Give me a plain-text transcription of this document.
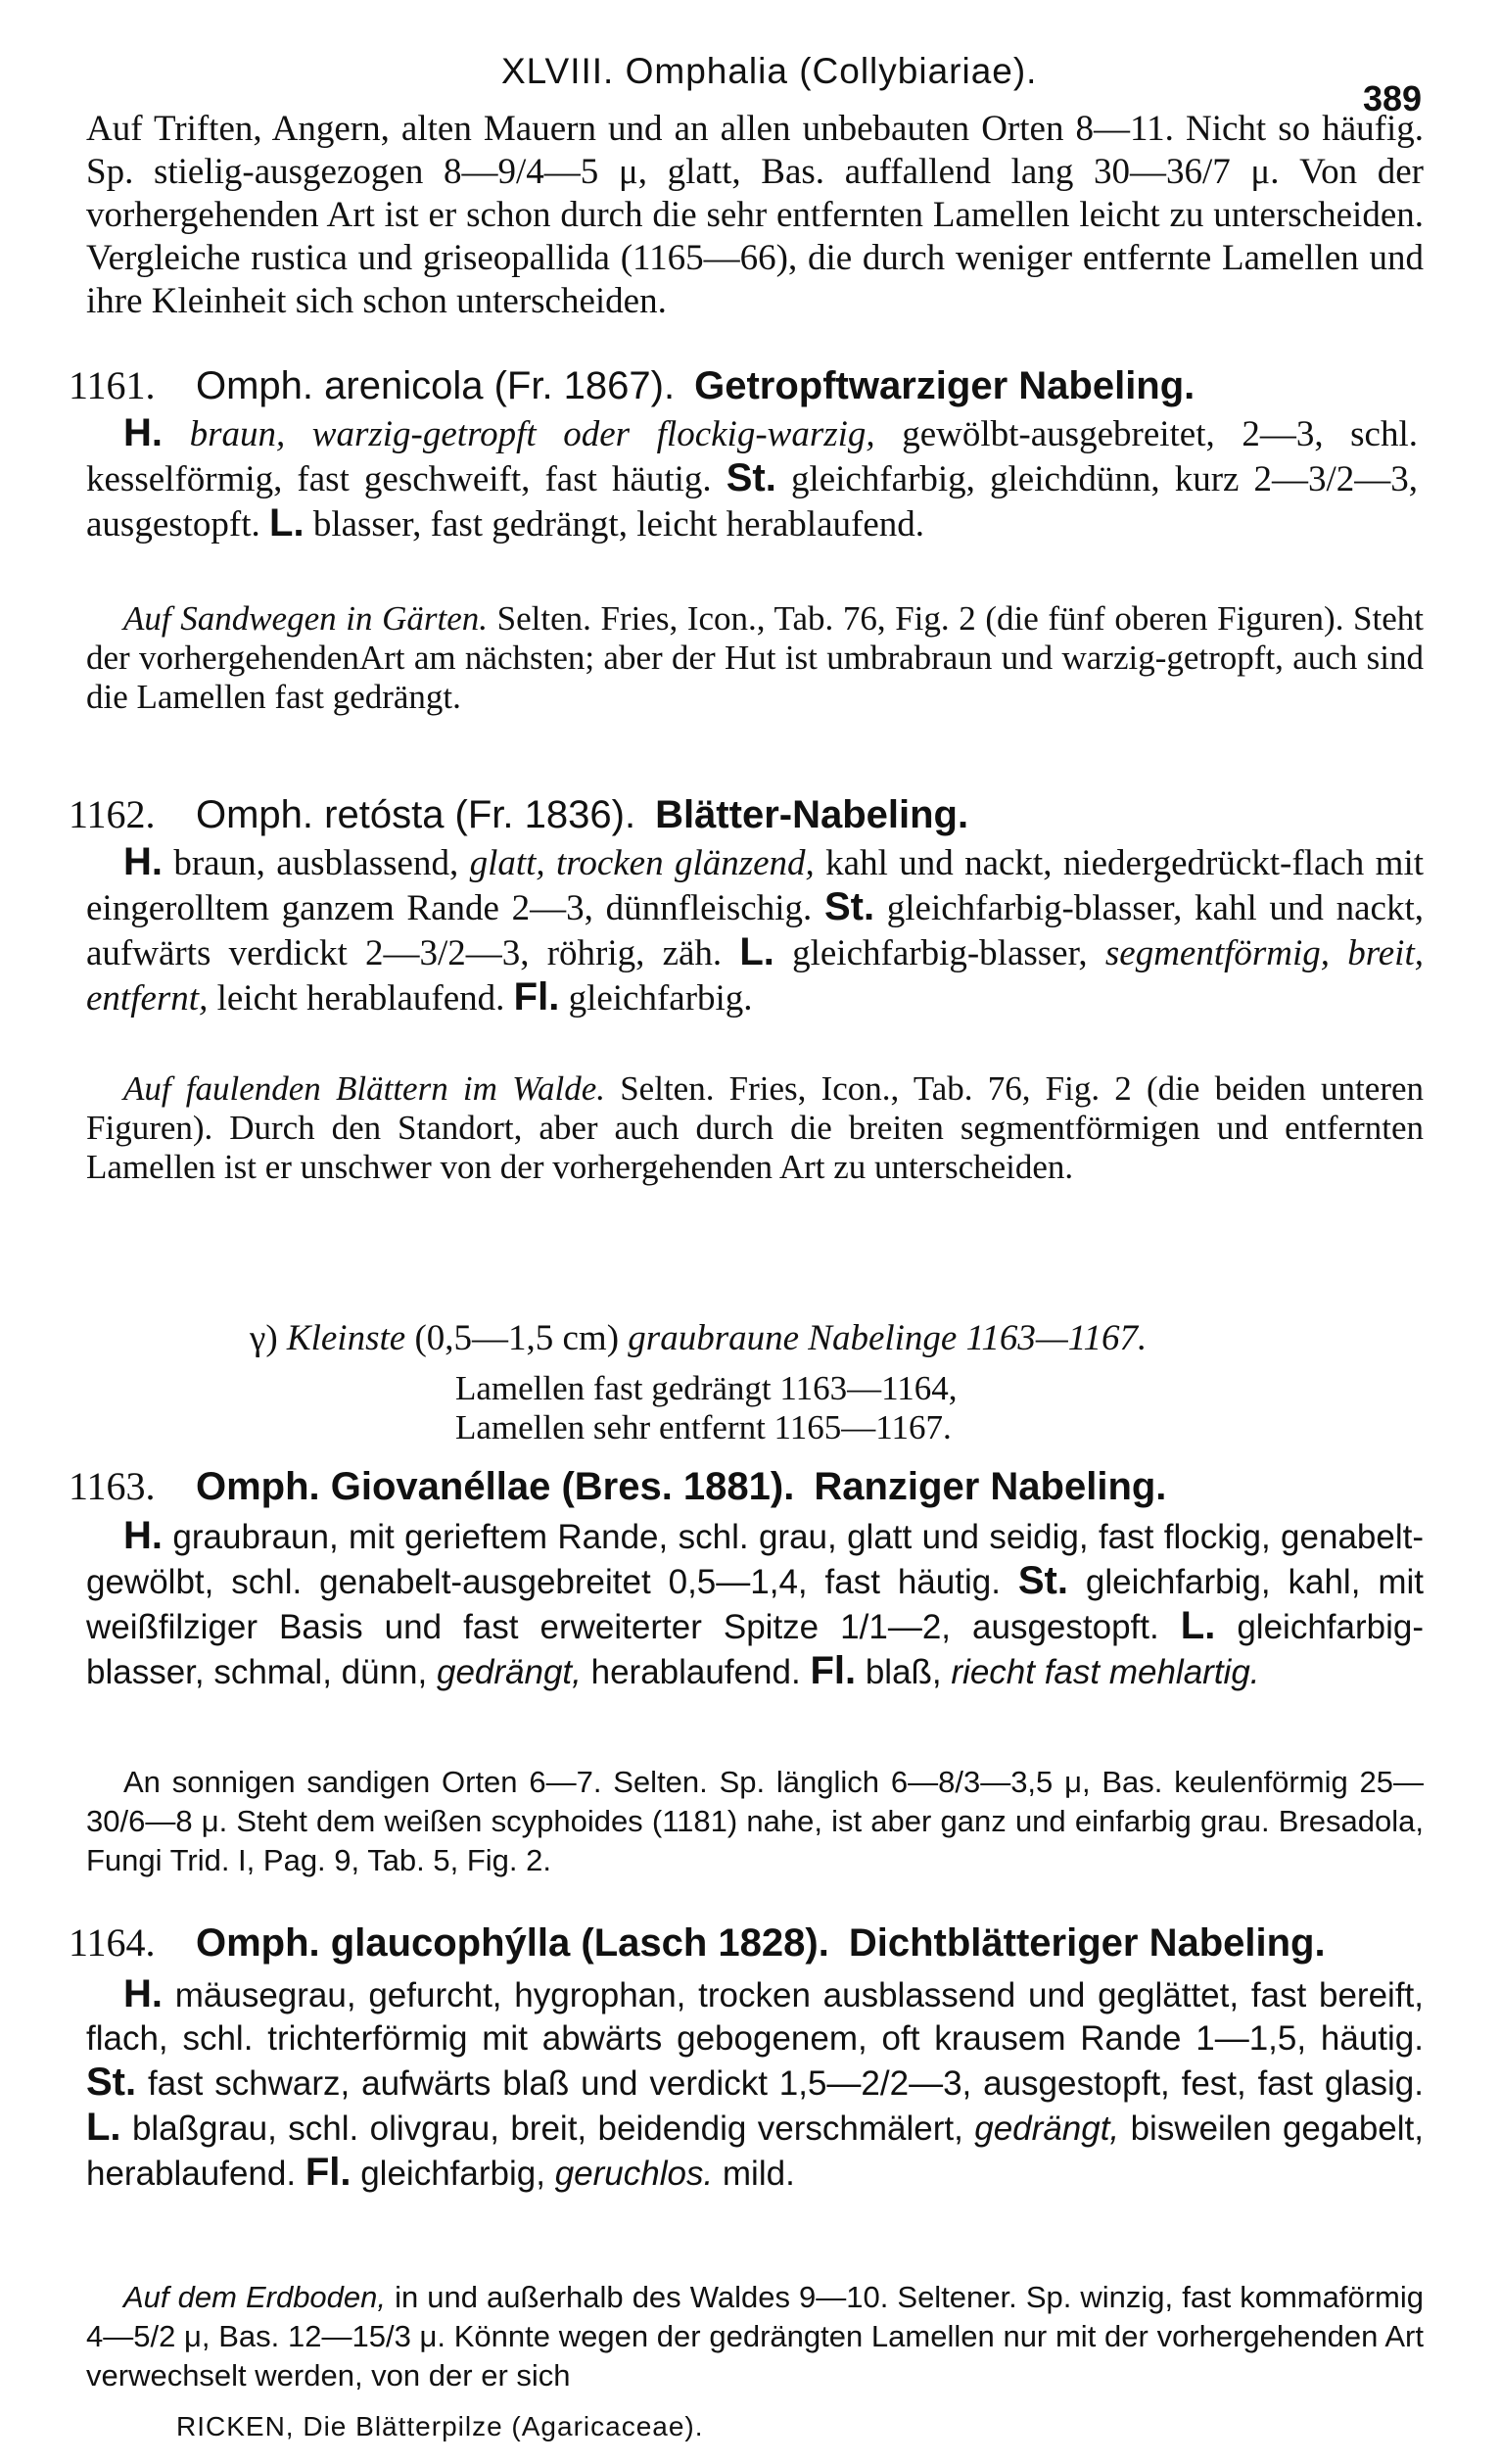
XLVIII. Omphalia (Collybiariae).
389
Auf Triften, Angern, alten Mauern und an allen unbebauten Orten 8—11. Nicht so häufig. Sp. stielig-ausgezogen 8—9/4—5 μ, glatt, Bas. auffallend lang 30—36/7 μ. Von der vorhergehenden Art ist er schon durch die sehr entfernten Lamellen leicht zu unterscheiden. Vergleiche rustica und griseopallida (1165—66), die durch weniger entfernte Lamellen und ihre Kleinheit sich schon unterscheiden.
1161. Omph. arenicola (Fr. 1867). Getropftwarziger Nabeling.
H. braun, warzig-getropft oder flockig-warzig, gewölbt-ausgebreitet, 2—3, schl. kesselförmig, fast geschweift, fast häutig. St. gleichfarbig, gleichdünn, kurz 2—3/2—3, ausgestopft. L. blasser, fast gedrängt, leicht herablaufend.
Auf Sandwegen in Gärten. Selten. Fries, Icon., Tab. 76, Fig. 2 (die fünf oberen Figuren). Steht der vorhergehendenArt am nächsten; aber der Hut ist umbrabraun und warzig-getropft, auch sind die Lamellen fast gedrängt.
1162. Omph. retósta (Fr. 1836). Blätter-Nabeling.
H. braun, ausblassend, glatt, trocken glänzend, kahl und nackt, niedergedrückt-flach mit eingerolltem ganzem Rande 2—3, dünnfleischig. St. gleichfarbig-blasser, kahl und nackt, aufwärts verdickt 2—3/2—3, röhrig, zäh. L. gleichfarbig-blasser, segmentförmig, breit, entfernt, leicht herablaufend. Fl. gleichfarbig.
Auf faulenden Blättern im Walde. Selten. Fries, Icon., Tab. 76, Fig. 2 (die beiden unteren Figuren). Durch den Standort, aber auch durch die breiten segmentförmigen und entfernten Lamellen ist er unschwer von der vorhergehenden Art zu unterscheiden.
γ) Kleinste (0,5—1,5 cm) graubraune Nabelinge 1163—1167.
Lamellen fast gedrängt 1163—1164,
Lamellen sehr entfernt 1165—1167.
1163. Omph. Giovanéllae (Bres. 1881). Ranziger Nabeling.
H. graubraun, mit gerieftem Rande, schl. grau, glatt und seidig, fast flockig, genabelt-gewölbt, schl. genabelt-ausgebreitet 0,5—1,4, fast häutig. St. gleichfarbig, kahl, mit weißfilziger Basis und fast erweiterter Spitze 1/1—2, ausgestopft. L. gleichfarbig-blasser, schmal, dünn, gedrängt, herablaufend. Fl. blaß, riecht fast mehlartig.
An sonnigen sandigen Orten 6—7. Selten. Sp. länglich 6—8/3—3,5 μ, Bas. keulenförmig 25—30/6—8 μ. Steht dem weißen scyphoides (1181) nahe, ist aber ganz und einfarbig grau. Bresadola, Fungi Trid. I, Pag. 9, Tab. 5, Fig. 2.
1164. Omph. glaucophýlla (Lasch 1828). Dichtblätteriger Nabeling.
H. mäusegrau, gefurcht, hygrophan, trocken ausblassend und geglättet, fast bereift, flach, schl. trichterförmig mit abwärts gebogenem, oft krausem Rande 1—1,5, häutig. St. fast schwarz, aufwärts blaß und verdickt 1,5—2/2—3, ausgestopft, fest, fast glasig. L. blaßgrau, schl. olivgrau, breit, beidendig verschmälert, gedrängt, bisweilen gegabelt, herablaufend. Fl. gleichfarbig, geruchlos. mild.
Auf dem Erdboden, in und außerhalb des Waldes 9—10. Seltener. Sp. winzig, fast kommaförmig 4—5/2 μ, Bas. 12—15/3 μ. Könnte wegen der gedrängten Lamellen nur mit der vorhergehenden Art verwechselt werden, von der er sich
RICKEN, Die Blätterpilze (Agaricaceae).
